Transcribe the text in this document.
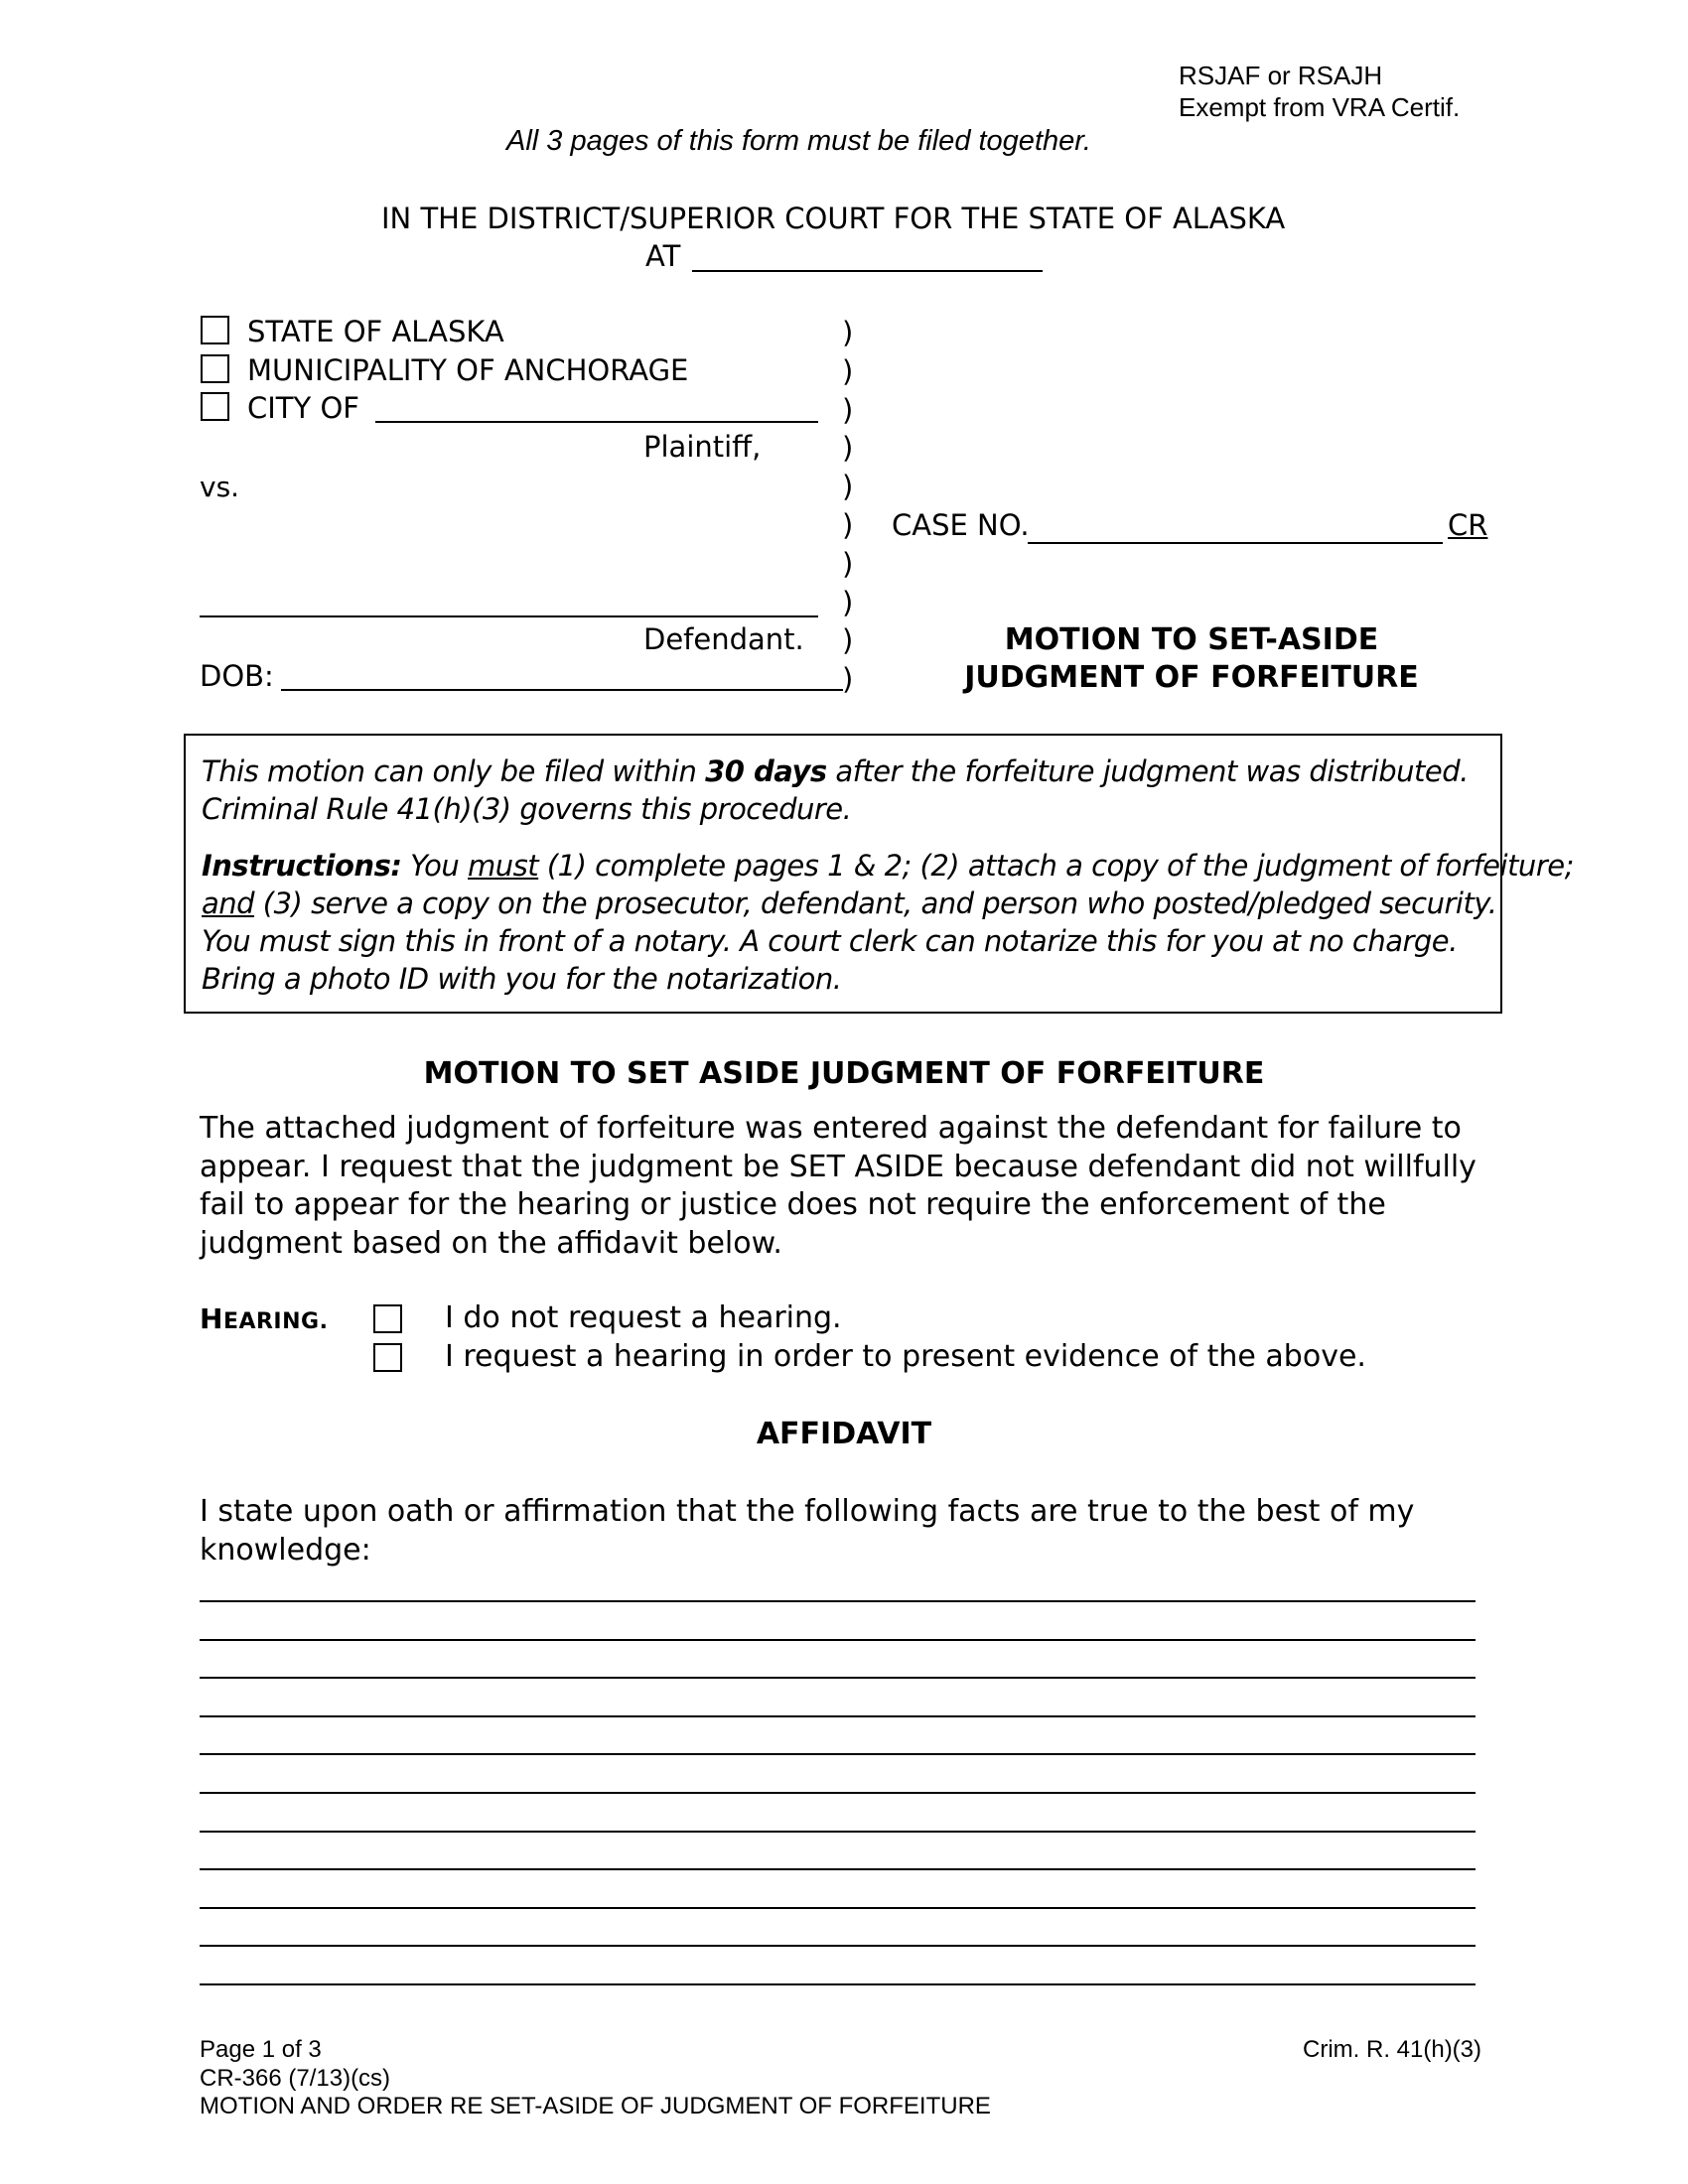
RSJAF or RSAJH
Exempt from VRA Certif.
All 3 pages of this form must be filed together.
IN THE DISTRICT/SUPERIOR COURT FOR THE STATE OF ALASKA
AT
STATE OF ALASKA
MUNICIPALITY OF ANCHORAGE
CITY OF
Plaintiff,
vs.
Defendant.
DOB:
)
)
)
)
)
)
)
)
)
)
CASE NO.	CR
MOTION TO SET-ASIDE JUDGMENT OF FORFEITURE
This motion can only be filed within 30 days after the forfeiture judgment was distributed.
Criminal Rule 41(h)(3) governs this procedure.
Instructions: You must (1) complete pages 1 & 2; (2) attach a copy of the judgment of forfeiture;
and (3) serve a copy on the prosecutor, defendant, and person who posted/pledged security.
You must sign this in front of a notary. A court clerk can notarize this for you at no charge.
Bring a photo ID with you for the notarization.
MOTION TO SET ASIDE JUDGMENT OF FORFEITURE
The attached judgment of forfeiture was entered against the defendant for failure to appear. I request that the judgment be SET ASIDE because defendant did not willfully fail to appear for the hearing or justice does not require the enforcement of the judgment based on the affidavit below.
HEARING.	I do not request a hearing.
I request a hearing in order to present evidence of the above.
AFFIDAVIT
I state upon oath or affirmation that the following facts are true to the best of my knowledge:
Page 1 of 3
CR-366 (7/13)(cs)
MOTION AND ORDER RE SET-ASIDE OF JUDGMENT OF FORFEITURE
Crim. R. 41(h)(3)
